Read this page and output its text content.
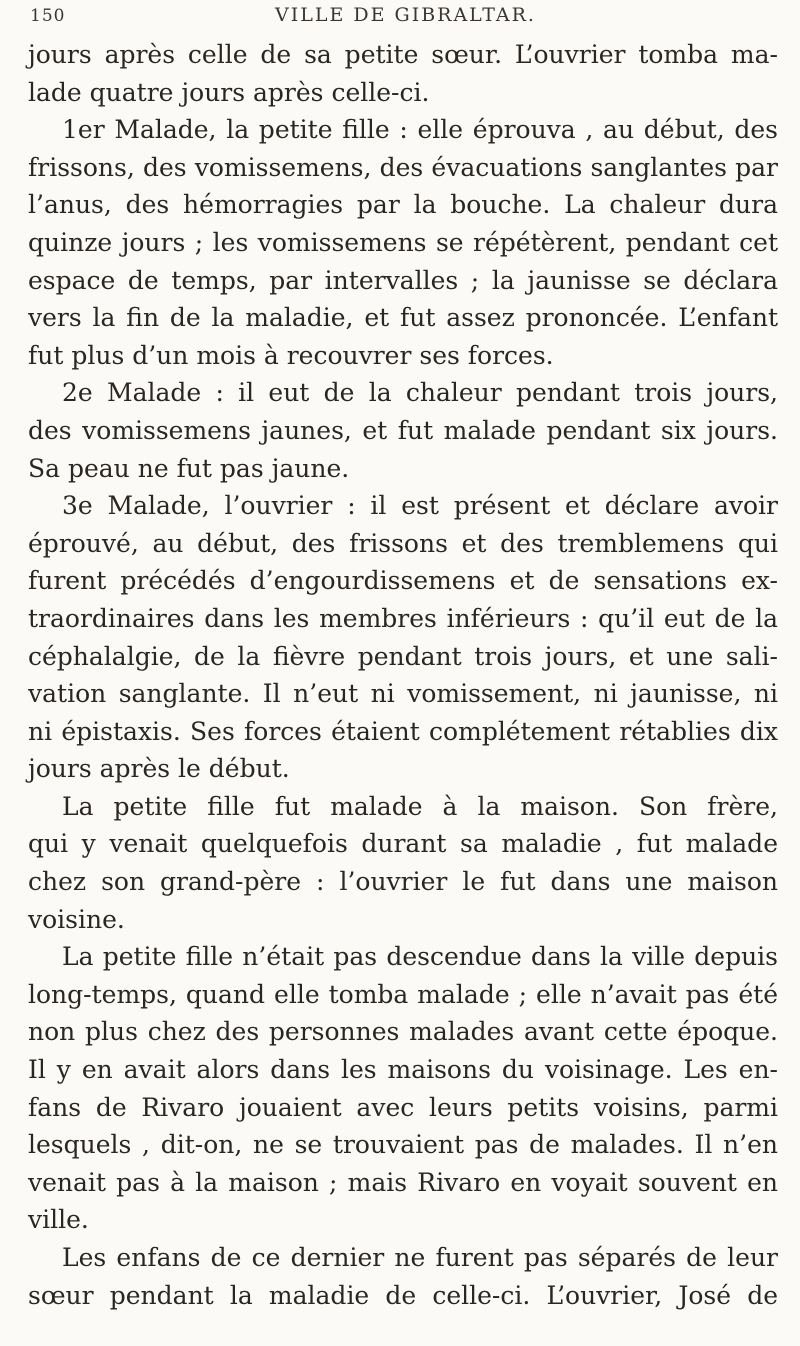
150	VILLE DE GIBRALTAR.
jours après celle de sa petite sœur. L’ouvrier tomba ma-
lade quatre jours après celle-ci.
1er Malade, la petite fille : elle éprouva , au début, des
frissons, des vomissemens, des évacuations sanglantes par
l’anus, des hémorragies par la bouche. La chaleur dura
quinze jours ; les vomissemens se répétèrent, pendant cet
espace de temps, par intervalles ; la jaunisse se déclara
vers la fin de la maladie, et fut assez prononcée. L’enfant
fut plus d’un mois à recouvrer ses forces.
2e Malade : il eut de la chaleur pendant trois jours,
des vomissemens jaunes, et fut malade pendant six jours.
Sa peau ne fut pas jaune.
3e Malade, l’ouvrier : il est présent et déclare avoir
éprouvé, au début, des frissons et des tremblemens qui
furent précédés d’engourdissemens et de sensations ex-
traordinaires dans les membres inférieurs : qu’il eut de la
céphalalgie, de la fièvre pendant trois jours, et une sali-
vation sanglante. Il n’eut ni vomissement, ni jaunisse, ni
ni épistaxis. Ses forces étaient complétement rétablies dix
jours après le début.
La petite fille fut malade à la maison. Son frère,
qui y venait quelquefois durant sa maladie , fut malade
chez son grand-père : l’ouvrier le fut dans une maison
voisine.
La petite fille n’était pas descendue dans la ville depuis
long-temps, quand elle tomba malade ; elle n’avait pas été
non plus chez des personnes malades avant cette époque.
Il y en avait alors dans les maisons du voisinage. Les en-
fans de Rivaro jouaient avec leurs petits voisins, parmi
lesquels , dit-on, ne se trouvaient pas de malades. Il n’en
venait pas à la maison ; mais Rivaro en voyait souvent en
ville.
Les enfans de ce dernier ne furent pas séparés de leur
sœur pendant la maladie de celle-ci. L’ouvrier, José de
